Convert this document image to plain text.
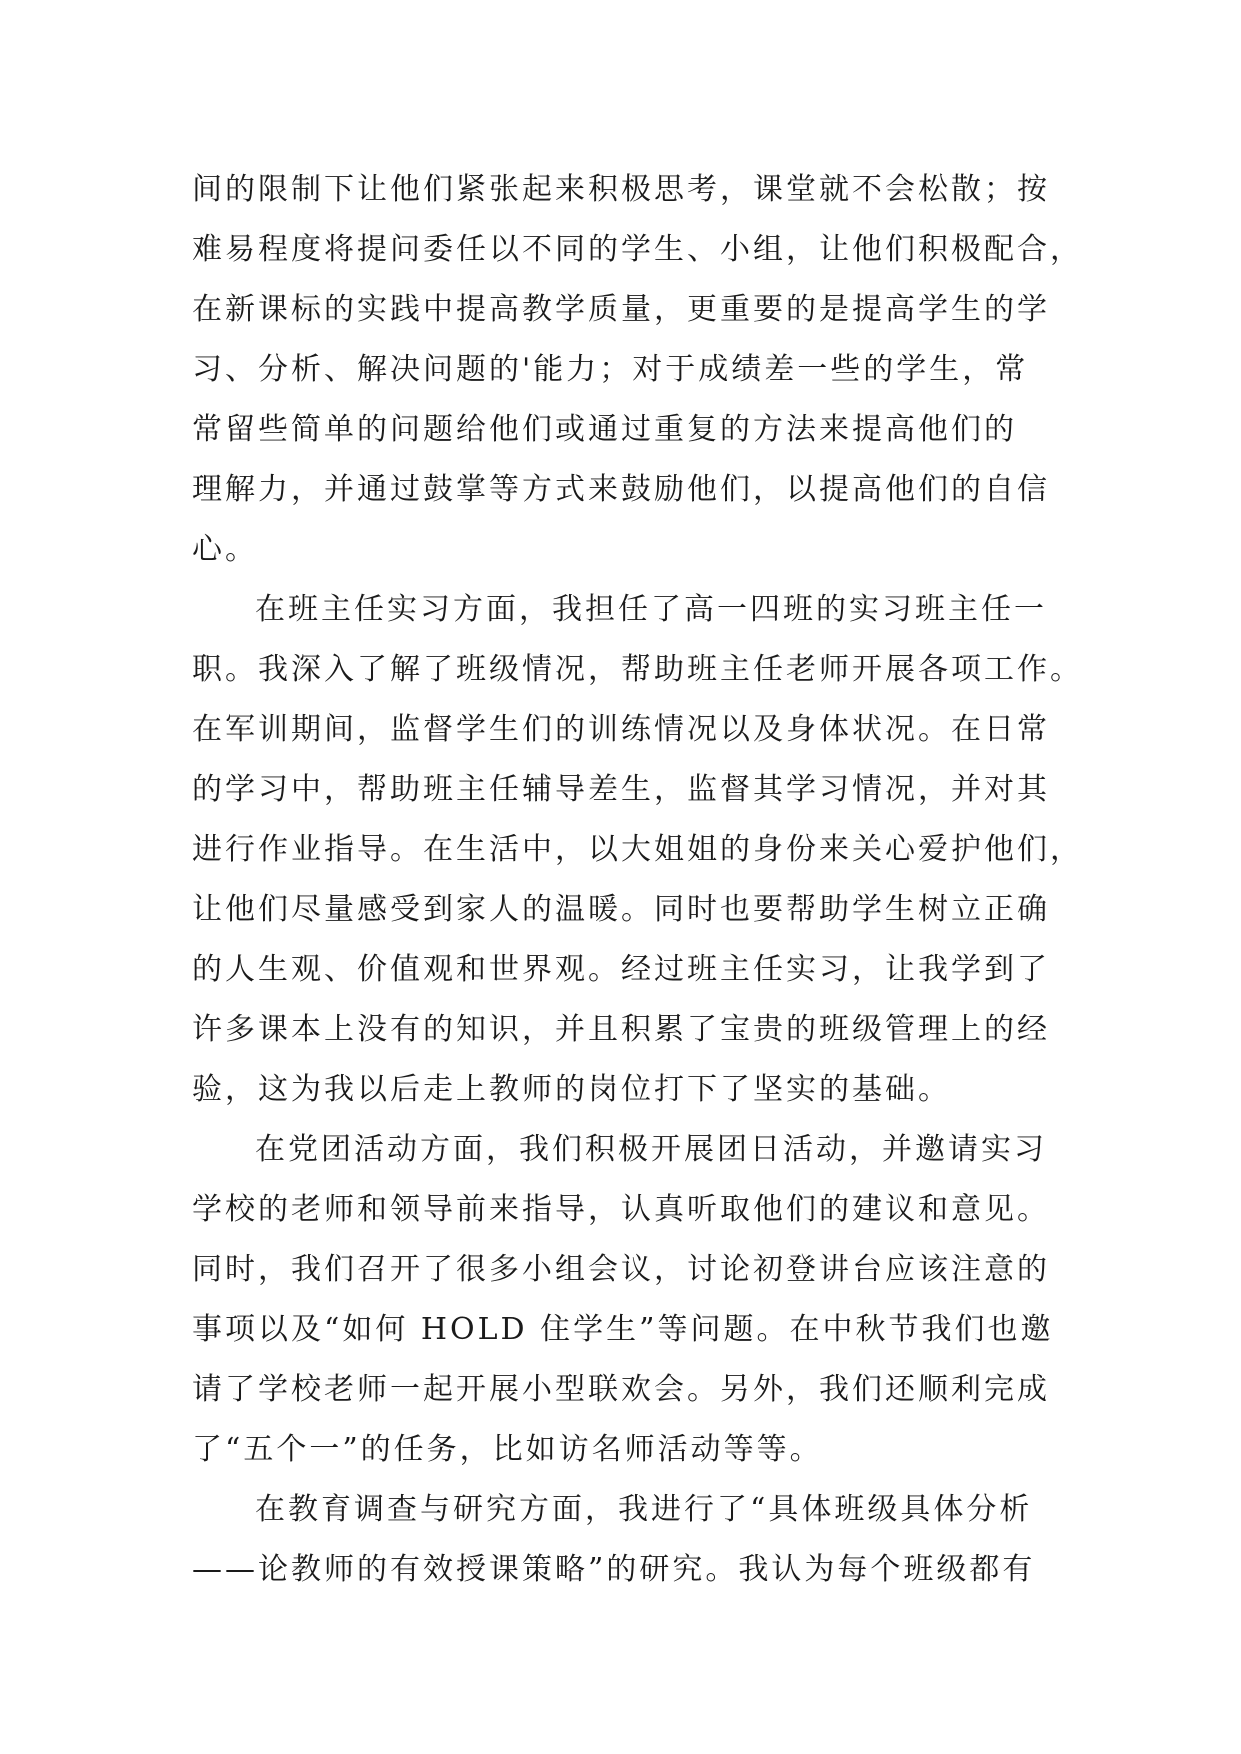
间的限制下让他们紧张起来积极思考，课堂就不会松散；按
难易程度将提问委任以不同的学生、小组，让他们积极配合，
在新课标的实践中提高教学质量，更重要的是提高学生的学
习、分析、解决问题的'能力；对于成绩差一些的学生，常
常留些简单的问题给他们或通过重复的方法来提高他们的
理解力，并通过鼓掌等方式来鼓励他们，以提高他们的自信
心。
在班主任实习方面，我担任了高一四班的实习班主任一
职。我深入了解了班级情况，帮助班主任老师开展各项工作。
在军训期间，监督学生们的训练情况以及身体状况。在日常
的学习中，帮助班主任辅导差生，监督其学习情况，并对其
进行作业指导。在生活中，以大姐姐的身份来关心爱护他们，
让他们尽量感受到家人的温暖。同时也要帮助学生树立正确
的人生观、价值观和世界观。经过班主任实习，让我学到了
许多课本上没有的知识，并且积累了宝贵的班级管理上的经
验，这为我以后走上教师的岗位打下了坚实的基础。
在党团活动方面，我们积极开展团日活动，并邀请实习
学校的老师和领导前来指导，认真听取他们的建议和意见。
同时，我们召开了很多小组会议，讨论初登讲台应该注意的
事项以及“如何 HOLD 住学生”等问题。在中秋节我们也邀
请了学校老师一起开展小型联欢会。另外，我们还顺利完成
了“五个一”的任务，比如访名师活动等等。
在教育调查与研究方面，我进行了“具体班级具体分析
——论教师的有效授课策略”的研究。我认为每个班级都有
